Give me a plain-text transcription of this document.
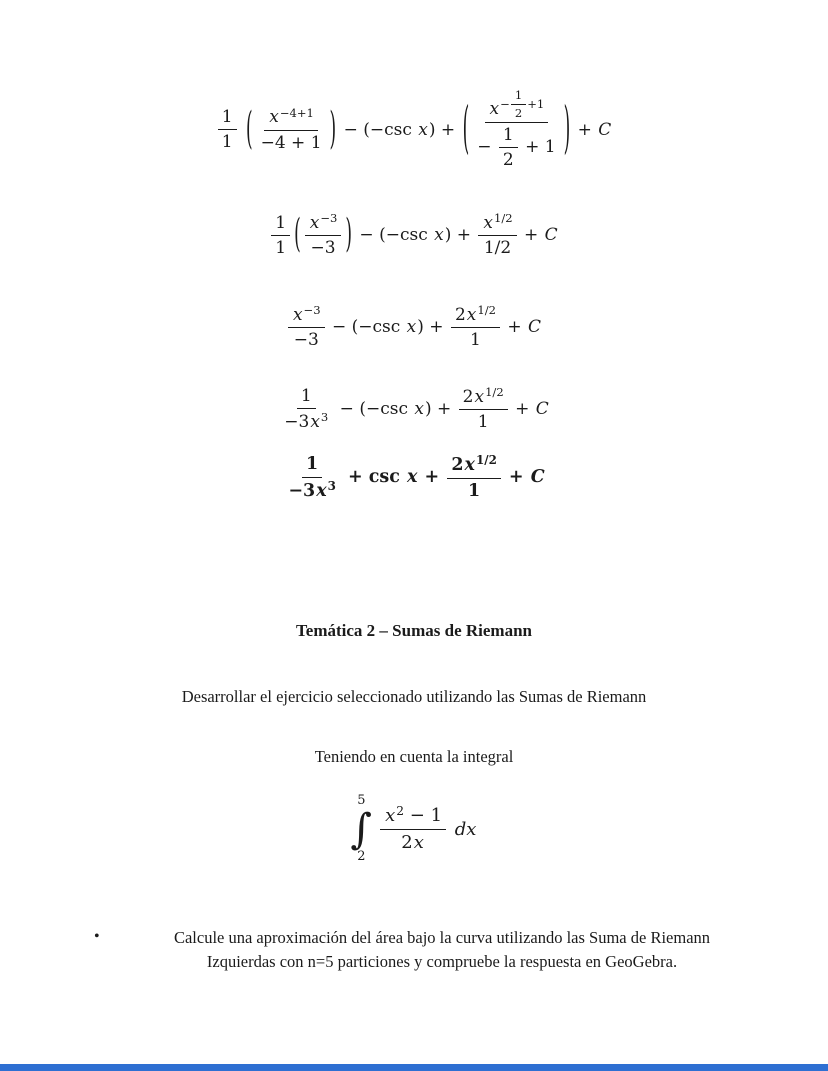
1
1
( x −4+1
−4 + 1 ) − (−csc x ) + ( $x - \frac{1}{2} +1$
− $\frac{1}{2} + 1$ ) + C
1
1 ( x −3
−3 ) − (−csc x ) + $\frac{x 1/2}{1/2} + C$
x −3
−3
− (−csc x ) + $\frac{2x 1/2}{1} + C$
1
−3x 3 − (−csc x ) + $\frac{2x 1/2}{1} + C$
1
−3x $3 + \csc x + \frac{2x 1/2}{1} + C$
Temática 2 – Sumas de Riemann
Desarrollar el ejercicio seleccionado utilizando las Sumas de Riemann
Teniendo en cuenta la integral
5
∫
2
x 2 − 1
2x

dx
•	Calcule una aproximación del área bajo la curva utilizando las Suma de Riemann Izquierdas con n=5 particiones y compruebe la respuesta en GeoGebra.
